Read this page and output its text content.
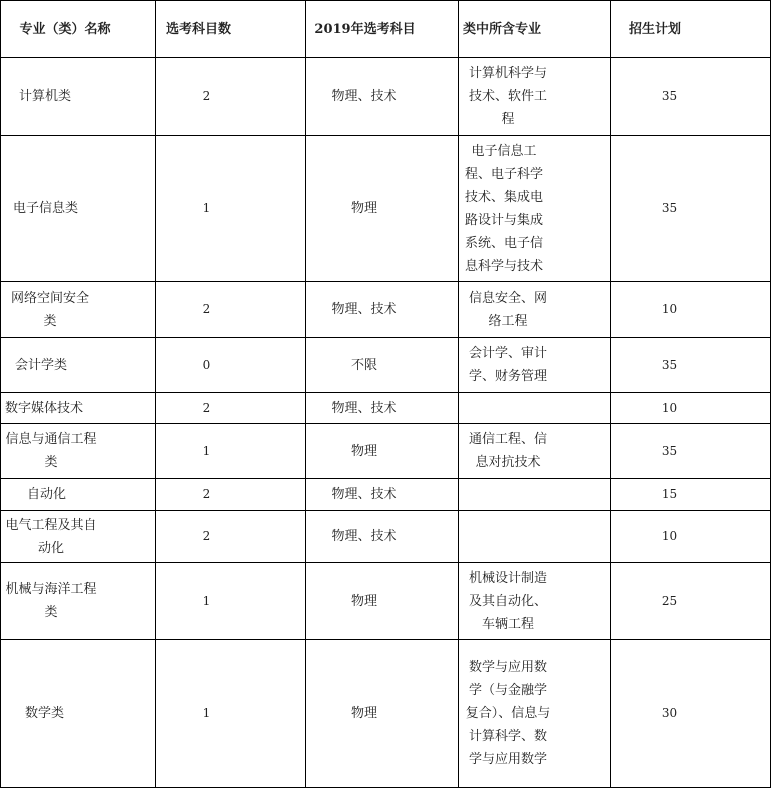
专业（类）名称	选考科目数	2019年选考科目	类中所含专业	招生计划
计算机类	2	物理、技术	计算机科学与技术、软件工程	35
电子信息类	1	物理	电子信息工程、电子科学技术、集成电路设计与集成系统、电子信息科学与技术	35
网络空间安全类	2	物理、技术	信息安全、网络工程	10
会计学类	0	不限	会计学、审计学、财务管理	35
数字媒体技术	2	物理、技术		10
信息与通信工程类	1	物理	通信工程、信息对抗技术	35
自动化	2	物理、技术		15
电气工程及其自动化	2	物理、技术		10
机械与海洋工程类	1	物理	机械设计制造及其自动化、车辆工程	25
数学类	1	物理	数学与应用数学（与金融学复合）、信息与计算科学、数学与应用数学	30
